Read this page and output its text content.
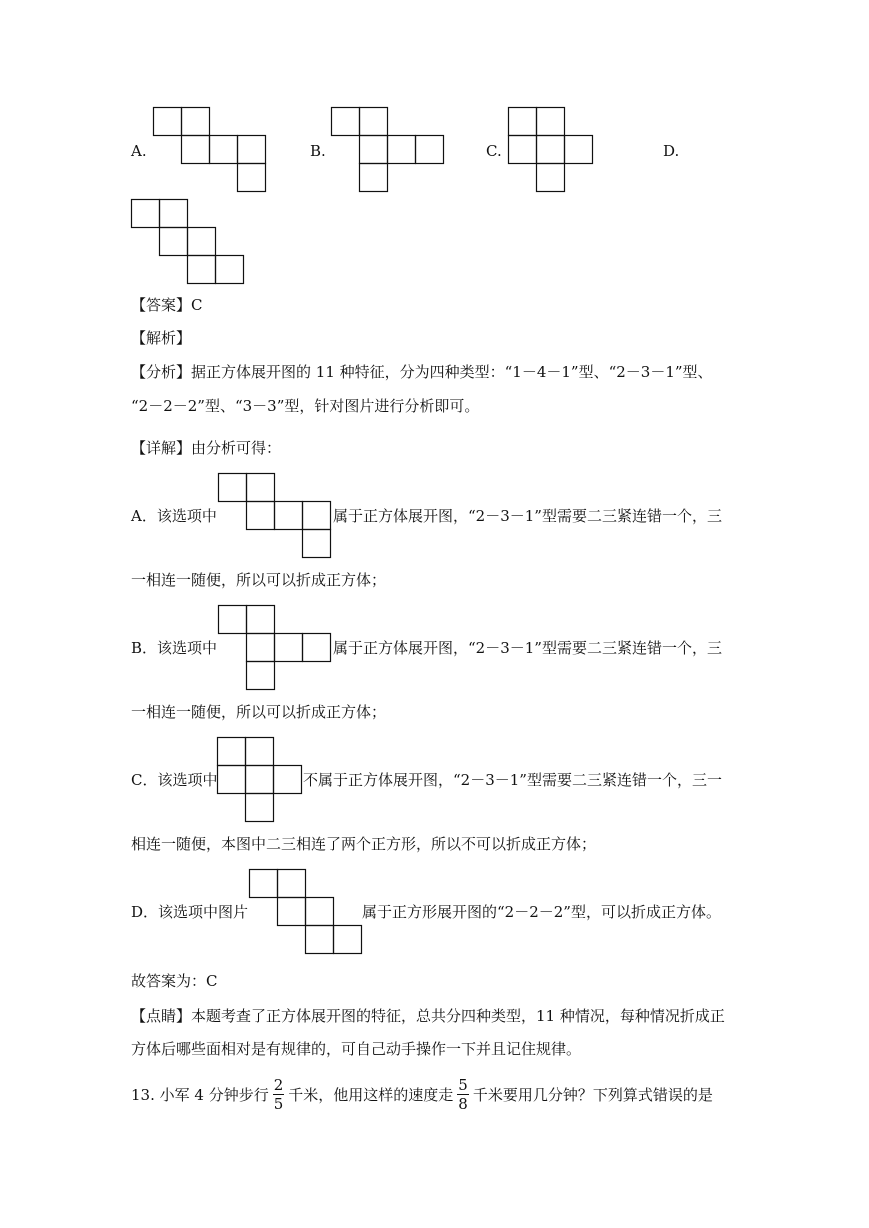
A.	B.	C.	D.
【答案】C
【解析】
【分析】据正方体展开图的 11 种特征，分为四种类型：“1－4－1”型、“2－3－1”型、
“2－2－2”型、“3－3”型，针对图片进行分析即可。
【详解】由分析可得：
A．该选项中	属于正方体展开图，“2－3－1”型需要二三紧连错一个，三
一相连一随便，所以可以折成正方体；
B．该选项中	属于正方体展开图，“2－3－1”型需要二三紧连错一个，三
一相连一随便，所以可以折成正方体；
C．该选项中	不属于正方体展开图，“2－3－1”型需要二三紧连错一个，三一
相连一随便，本图中二三相连了两个正方形，所以不可以折成正方体；
D．该选项中图片	属于正方形展开图的“2－2－2”型，可以折成正方体。
故答案为：C
【点睛】本题考查了正方体展开图的特征，总共分四种类型，11 种情况，每种情况折成正
方体后哪些面相对是有规律的，可自己动手操作一下并且记住规律。
13. 小军 4 分钟步行 $\frac{2}{5}$ 千米，他用这样的速度走 $\frac{5}{8}$ 千米要用几分钟？下列算式错误的是
